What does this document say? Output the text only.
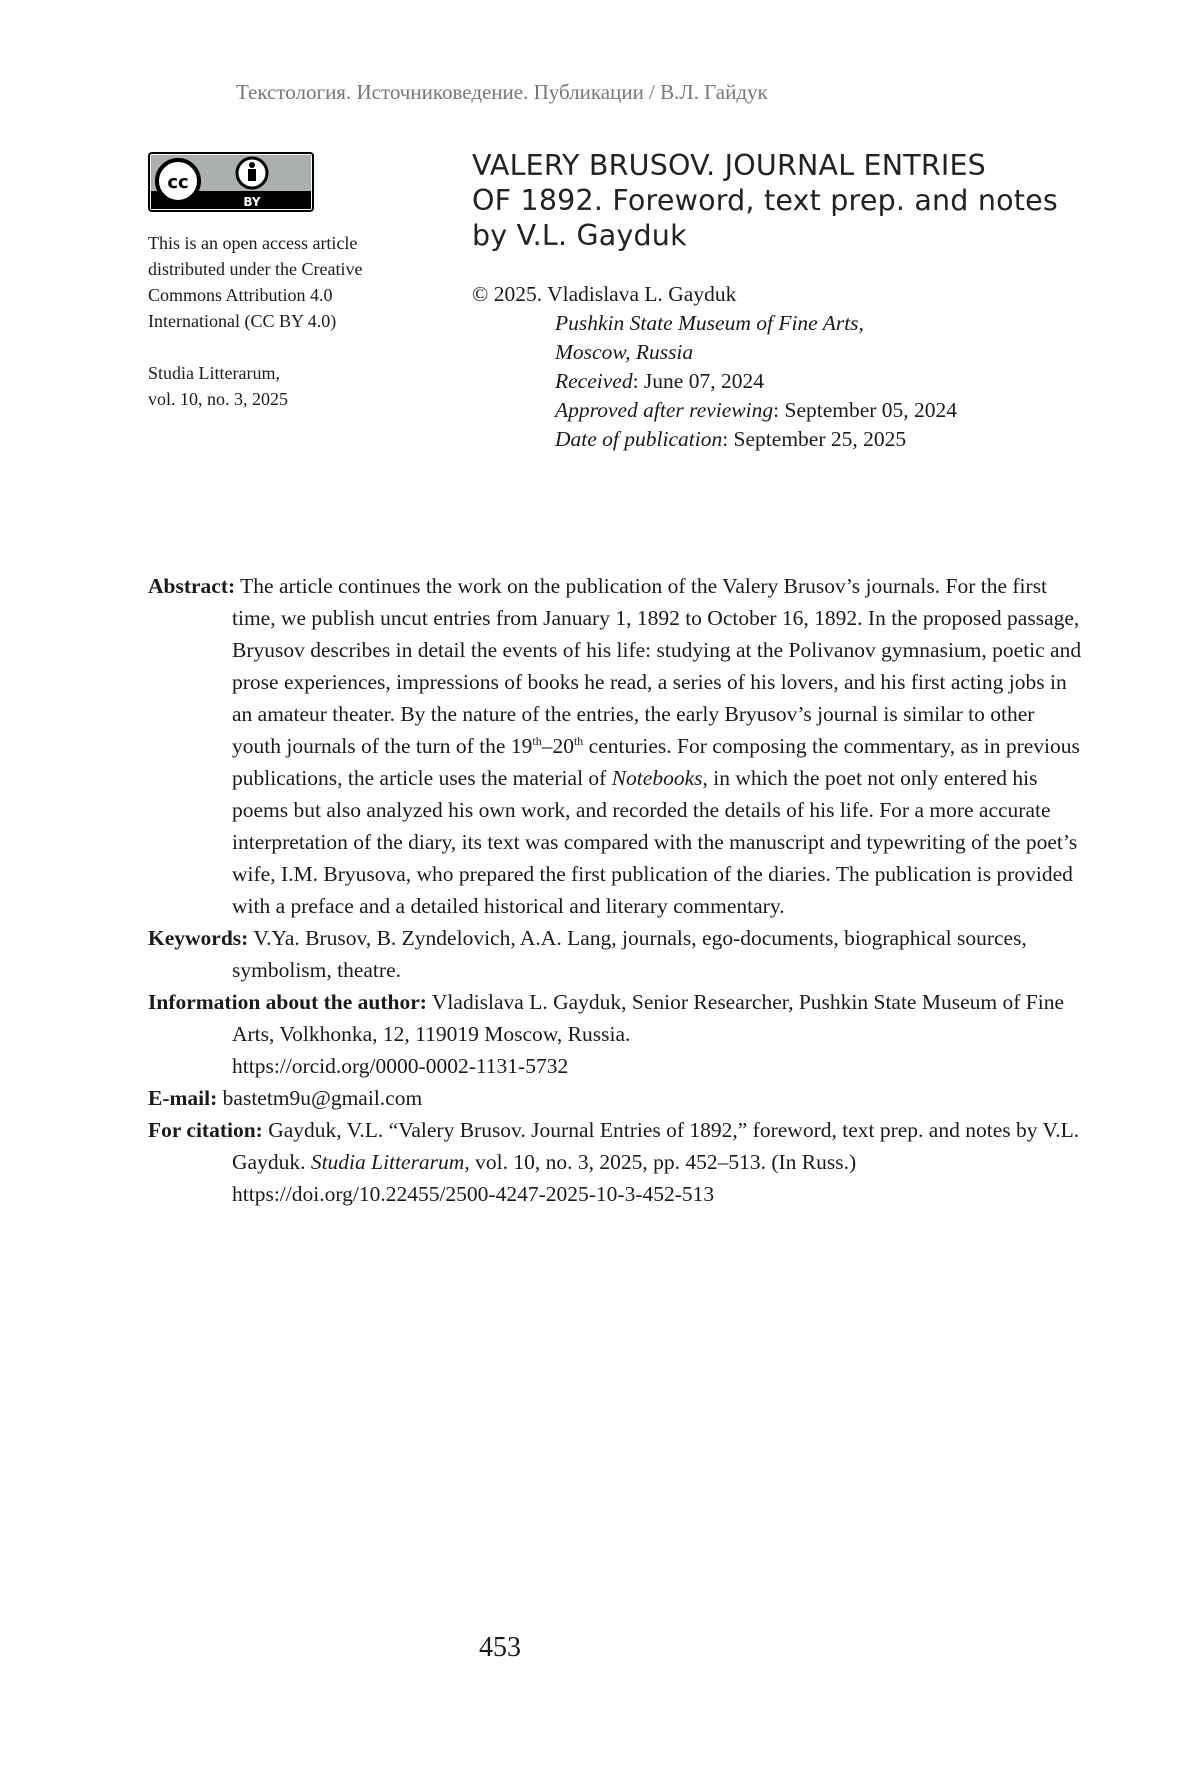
Текстология. Источниковедение. Публикации / В.Л. Гайдук
cc
BY

This is an open access article

distributed under the Creative

Commons Attribution 4.0

International (CC BY 4.0)

Studia Litterarum,

vol. 10, no. 3, 2025

VALERY BRUSOV. JOURNAL ENTRIES
OF 1892. Foreword, text prep. and notes
by V.L. Gayduk
© 2025. Vladislava L. Gayduk
Pushkin State Museum of Fine Arts,
Moscow, Russia
Received: June 07, 2024
Approved after reviewing: September 05, 2024
Date of publication: September 25, 2025

Abstract: The article continues the work on the publication of the Valery Brusov’s journals. For the first time, we publish uncut entries from January 1, 1892 to October 16, 1892. In the proposed passage, Bryusov describes in detail the events of his life: studying at the Polivanov gymnasium, poetic and prose experiences, impressions of books he read, a series of his lovers, and his first acting jobs in an amateur theater. By the nature of the entries, the early Bryusov’s journal is similar to other youth journals of the turn of the 19th–20th centuries. For composing the commentary, as in previous publications, the article uses the material of Notebooks, in which the poet not only entered his poems but also analyzed his own work, and recorded the details of his life. For a more accurate interpretation of the diary, its text was compared with the manuscript and typewriting of the poet’s wife, I.M. Bryusova, who prepared the first publication of the diaries. The publication is provided with a preface and a detailed historical and literary commentary.

Keywords: V.Ya. Brusov, B. Zyndelovich, A.A. Lang, journals, ego-documents, biographical sources, symbolism, theatre.

Information about the author: Vladislava L. Gayduk, Senior Researcher, Pushkin State Museum of Fine Arts, Volkhonka, 12, 119019 Moscow, Russia.
https://orcid.org/0000-0002-1131-5732

E-mail: bastetm9u@gmail.com

For citation: Gayduk, V.L. “Valery Brusov. Journal Entries of 1892,” foreword, text prep. and notes by V.L. Gayduk. Studia Litterarum, vol. 10, no. 3, 2025, pp. 452–513. (In Russ.)
https://doi.org/10.22455/2500-4247-2025-10-3-452-513

453
